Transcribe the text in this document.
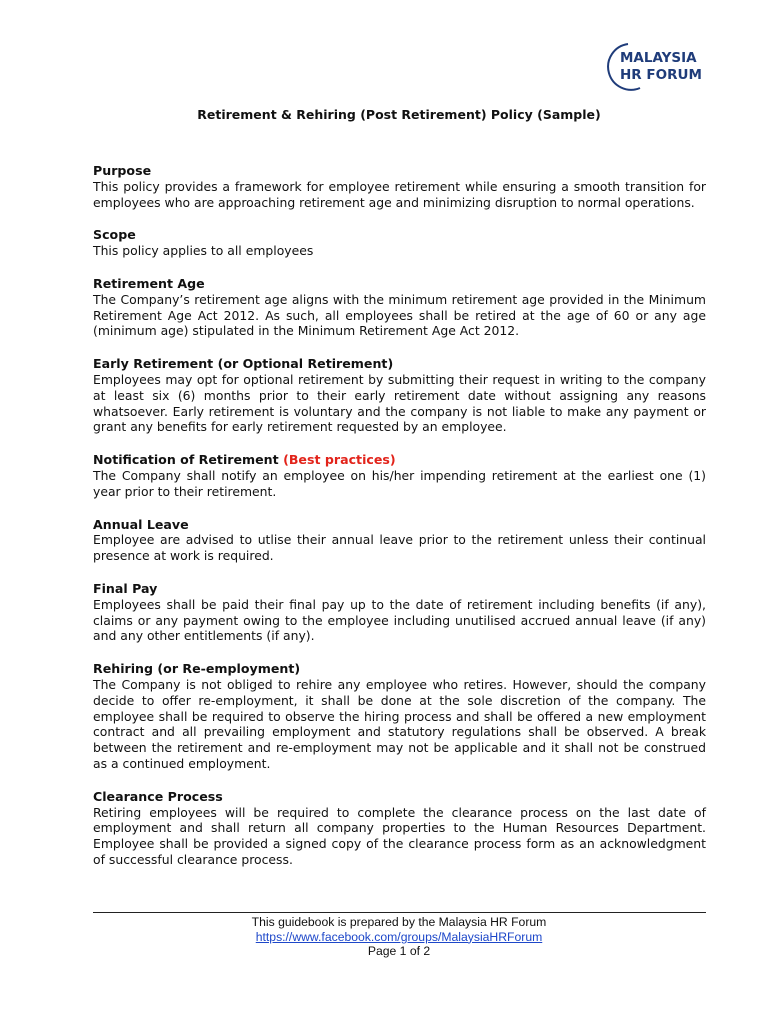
MALAYSIA
HR FORUM
Retirement & Rehiring (Post Retirement) Policy (Sample)
Purpose
This policy provides a framework for employee retirement while ensuring a smooth transition for employees who are approaching retirement age and minimizing disruption to normal operations.
Scope
This policy applies to all employees
Retirement Age
The Company’s retirement age aligns with the minimum retirement age provided in the Minimum Retirement Age Act 2012. As such, all employees shall be retired at the age of 60 or any age (minimum age) stipulated in the Minimum Retirement Age Act 2012.
Early Retirement (or Optional Retirement)
Employees may opt for optional retirement by submitting their request in writing to the company at least six (6) months prior to their early retirement date without assigning any reasons whatsoever. Early retirement is voluntary and the company is not liable to make any payment or grant any benefits for early retirement requested by an employee.
Notification of Retirement (Best practices)
The Company shall notify an employee on his/her impending retirement at the earliest one (1) year prior to their retirement.
Annual Leave
Employee are advised to utlise their annual leave prior to the retirement unless their continual presence at work is required.
Final Pay
Employees shall be paid their final pay up to the date of retirement including benefits (if any), claims or any payment owing to the employee including unutilised accrued annual leave (if any) and any other entitlements (if any).
Rehiring (or Re-employment)
The Company is not obliged to rehire any employee who retires. However, should the company decide to offer re-employment, it shall be done at the sole discretion of the company. The employee shall be required to observe the hiring process and shall be offered a new employment contract and all prevailing employment and statutory regulations shall be observed. A break between the retirement and re-employment may not be applicable and it shall not be construed as a continued employment.
Clearance Process
Retiring employees will be required to complete the clearance process on the last date of employment and shall return all company properties to the Human Resources Department. Employee shall be provided a signed copy of the clearance process form as an acknowledgment of successful clearance process.
This guidebook is prepared by the Malaysia HR Forum
https://www.facebook.com/groups/MalaysiaHRForum
Page 1 of 2
